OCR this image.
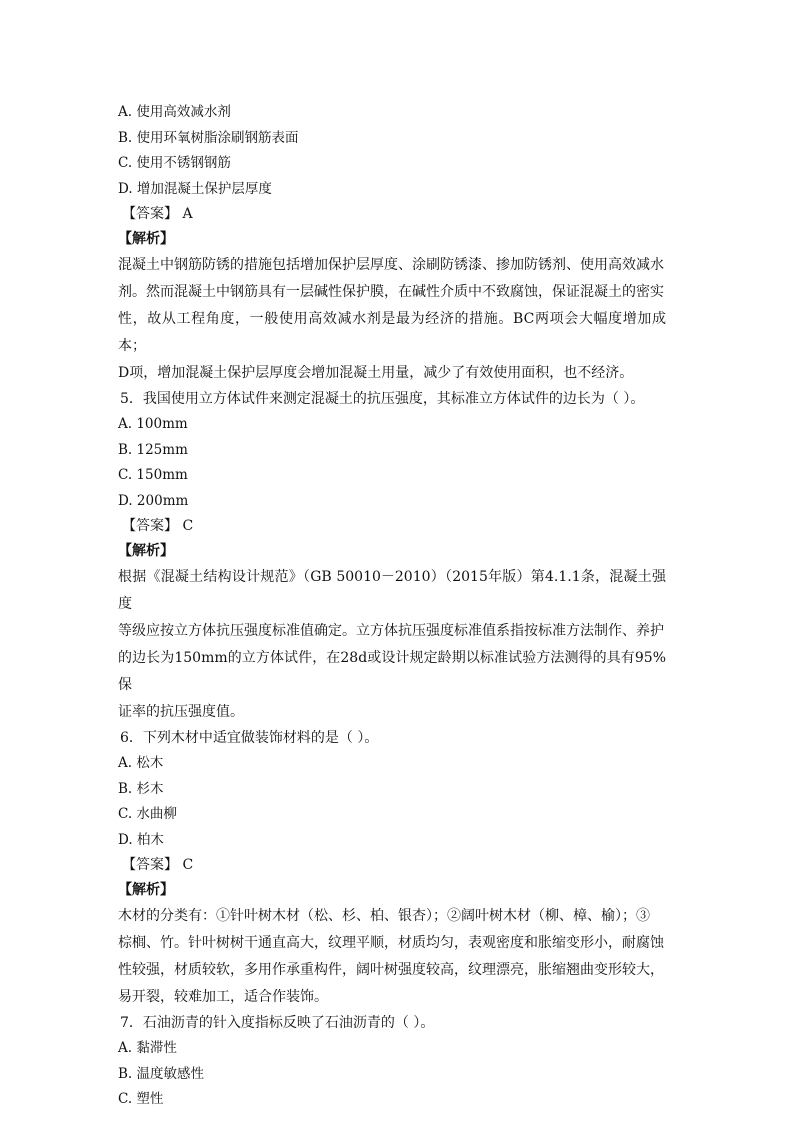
A. 使用高效减水剂
B. 使用环氧树脂涂刷钢筋表面
C. 使用不锈钢钢筋
D. 增加混凝土保护层厚度
【答案】 A
【解析】
混凝土中钢筋防锈的措施包括增加保护层厚度、涂刷防锈漆、掺加防锈剂、使用高效减水
剂。然而混凝土中钢筋具有一层碱性保护膜，在碱性介质中不致腐蚀，保证混凝土的密实
性，故从工程角度，一般使用高效减水剂是最为经济的措施。BC两项会大幅度增加成本；
D项，增加混凝土保护层厚度会增加混凝土用量，减少了有效使用面积，也不经济。
5．我国使用立方体试件来测定混凝土的抗压强度，其标准立方体试件的边长为（ ）。
A. 100mm
B. 125mm
C. 150mm
D. 200mm
【答案】 C
【解析】
根据《混凝土结构设计规范》（GB 50010－2010）（2015年版）第4.1.1条，混凝土强度
等级应按立方体抗压强度标准值确定。立方体抗压强度标准值系指按标准方法制作、养护
的边长为150mm的立方体试件，在28d或设计规定龄期以标准试验方法测得的具有95%保
证率的抗压强度值。
6．下列木材中适宜做装饰材料的是（ ）。
A. 松木
B. 杉木
C. 水曲柳
D. 柏木
【答案】 C
【解析】
木材的分类有：①针叶树木材（松、杉、柏、银杏）；②阔叶树木材（柳、樟、榆）；③
棕榈、竹。针叶树树干通直高大，纹理平顺，材质均匀，表观密度和胀缩变形小，耐腐蚀
性较强，材质较软，多用作承重构件，阔叶树强度较高，纹理漂亮，胀缩翘曲变形较大，
易开裂，较难加工，适合作装饰。
7．石油沥青的针入度指标反映了石油沥青的（ ）。
A. 黏滞性
B. 温度敏感性
C. 塑性
